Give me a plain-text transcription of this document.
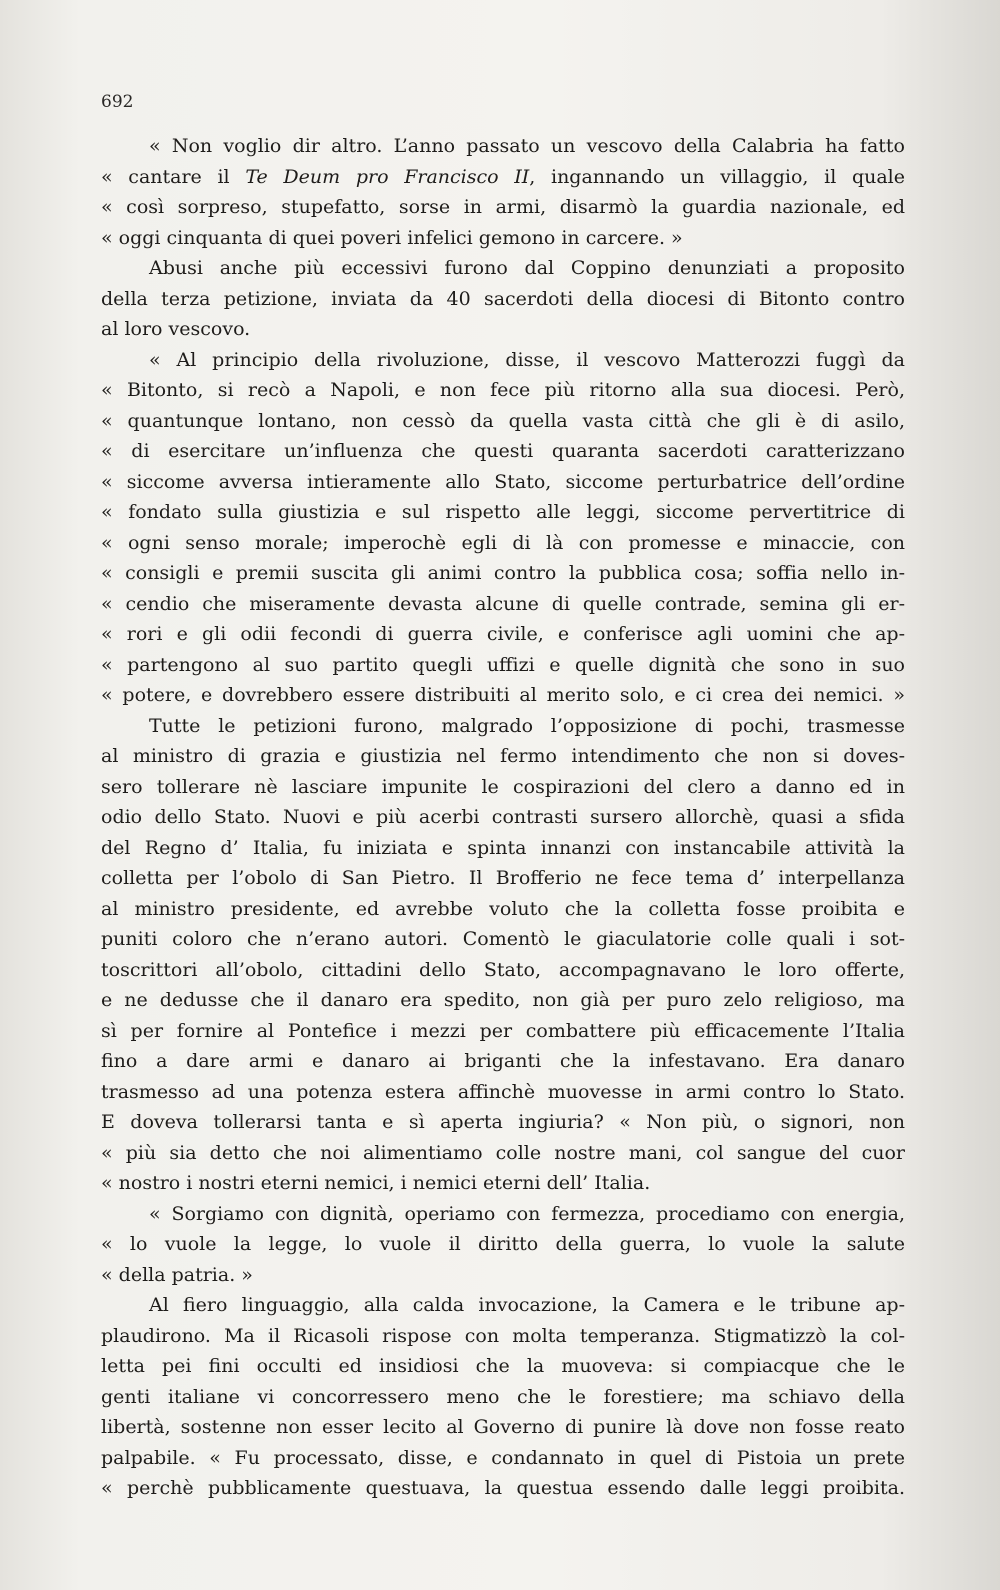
692
« Non voglio dir altro. L’anno passato un vescovo della Calabria ha fatto
« cantare il Te Deum pro Francisco II, ingannando un villaggio, il quale
« così sorpreso, stupefatto, sorse in armi, disarmò la guardia nazionale, ed
« oggi cinquanta di quei poveri infelici gemono in carcere. »
Abusi anche più eccessivi furono dal Coppino denunziati a proposito
della terza petizione, inviata da 40 sacerdoti della diocesi di Bitonto contro
al loro vescovo.
« Al principio della rivoluzione, disse, il vescovo Matterozzi fuggì da
« Bitonto, si recò a Napoli, e non fece più ritorno alla sua diocesi. Però,
« quantunque lontano, non cessò da quella vasta città che gli è di asilo,
« di esercitare un’influenza che questi quaranta sacerdoti caratterizzano
« siccome avversa intieramente allo Stato, siccome perturbatrice dell’ordine
« fondato sulla giustizia e sul rispetto alle leggi, siccome pervertitrice di
« ogni senso morale; imperochè egli di là con promesse e minaccie, con
« consigli e premii suscita gli animi contro la pubblica cosa; soffia nello in-
« cendio che miseramente devasta alcune di quelle contrade, semina gli er-
« rori e gli odii fecondi di guerra civile, e conferisce agli uomini che ap-
« partengono al suo partito quegli uffizi e quelle dignità che sono in suo
« potere, e dovrebbero essere distribuiti al merito solo, e ci crea dei nemici. »
Tutte le petizioni furono, malgrado l’opposizione di pochi, trasmesse
al ministro di grazia e giustizia nel fermo intendimento che non si doves-
sero tollerare nè lasciare impunite le cospirazioni del clero a danno ed in
odio dello Stato. Nuovi e più acerbi contrasti sursero allorchè, quasi a sfida
del Regno d’ Italia, fu iniziata e spinta innanzi con instancabile attività la
colletta per l’obolo di San Pietro. Il Brofferio ne fece tema d’ interpellanza
al ministro presidente, ed avrebbe voluto che la colletta fosse proibita e
puniti coloro che n’erano autori. Comentò le giaculatorie colle quali i sot-
toscrittori all’obolo, cittadini dello Stato, accompagnavano le loro offerte,
e ne dedusse che il danaro era spedito, non già per puro zelo religioso, ma
sì per fornire al Pontefice i mezzi per combattere più efficacemente l’Italia
fino a dare armi e danaro ai briganti che la infestavano. Era danaro
trasmesso ad una potenza estera affinchè muovesse in armi contro lo Stato.
E doveva tollerarsi tanta e sì aperta ingiuria? « Non più, o signori, non
« più sia detto che noi alimentiamo colle nostre mani, col sangue del cuor
« nostro i nostri eterni nemici, i nemici eterni dell’ Italia.
« Sorgiamo con dignità, operiamo con fermezza, procediamo con energia,
« lo vuole la legge, lo vuole il diritto della guerra, lo vuole la salute
« della patria. »
Al fiero linguaggio, alla calda invocazione, la Camera e le tribune ap-
plaudirono. Ma il Ricasoli rispose con molta temperanza. Stigmatizzò la col-
letta pei fini occulti ed insidiosi che la muoveva: si compiacque che le
genti italiane vi concorressero meno che le forestiere; ma schiavo della
libertà, sostenne non esser lecito al Governo di punire là dove non fosse reato
palpabile. « Fu processato, disse, e condannato in quel di Pistoia un prete
« perchè pubblicamente questuava, la questua essendo dalle leggi proibita.
